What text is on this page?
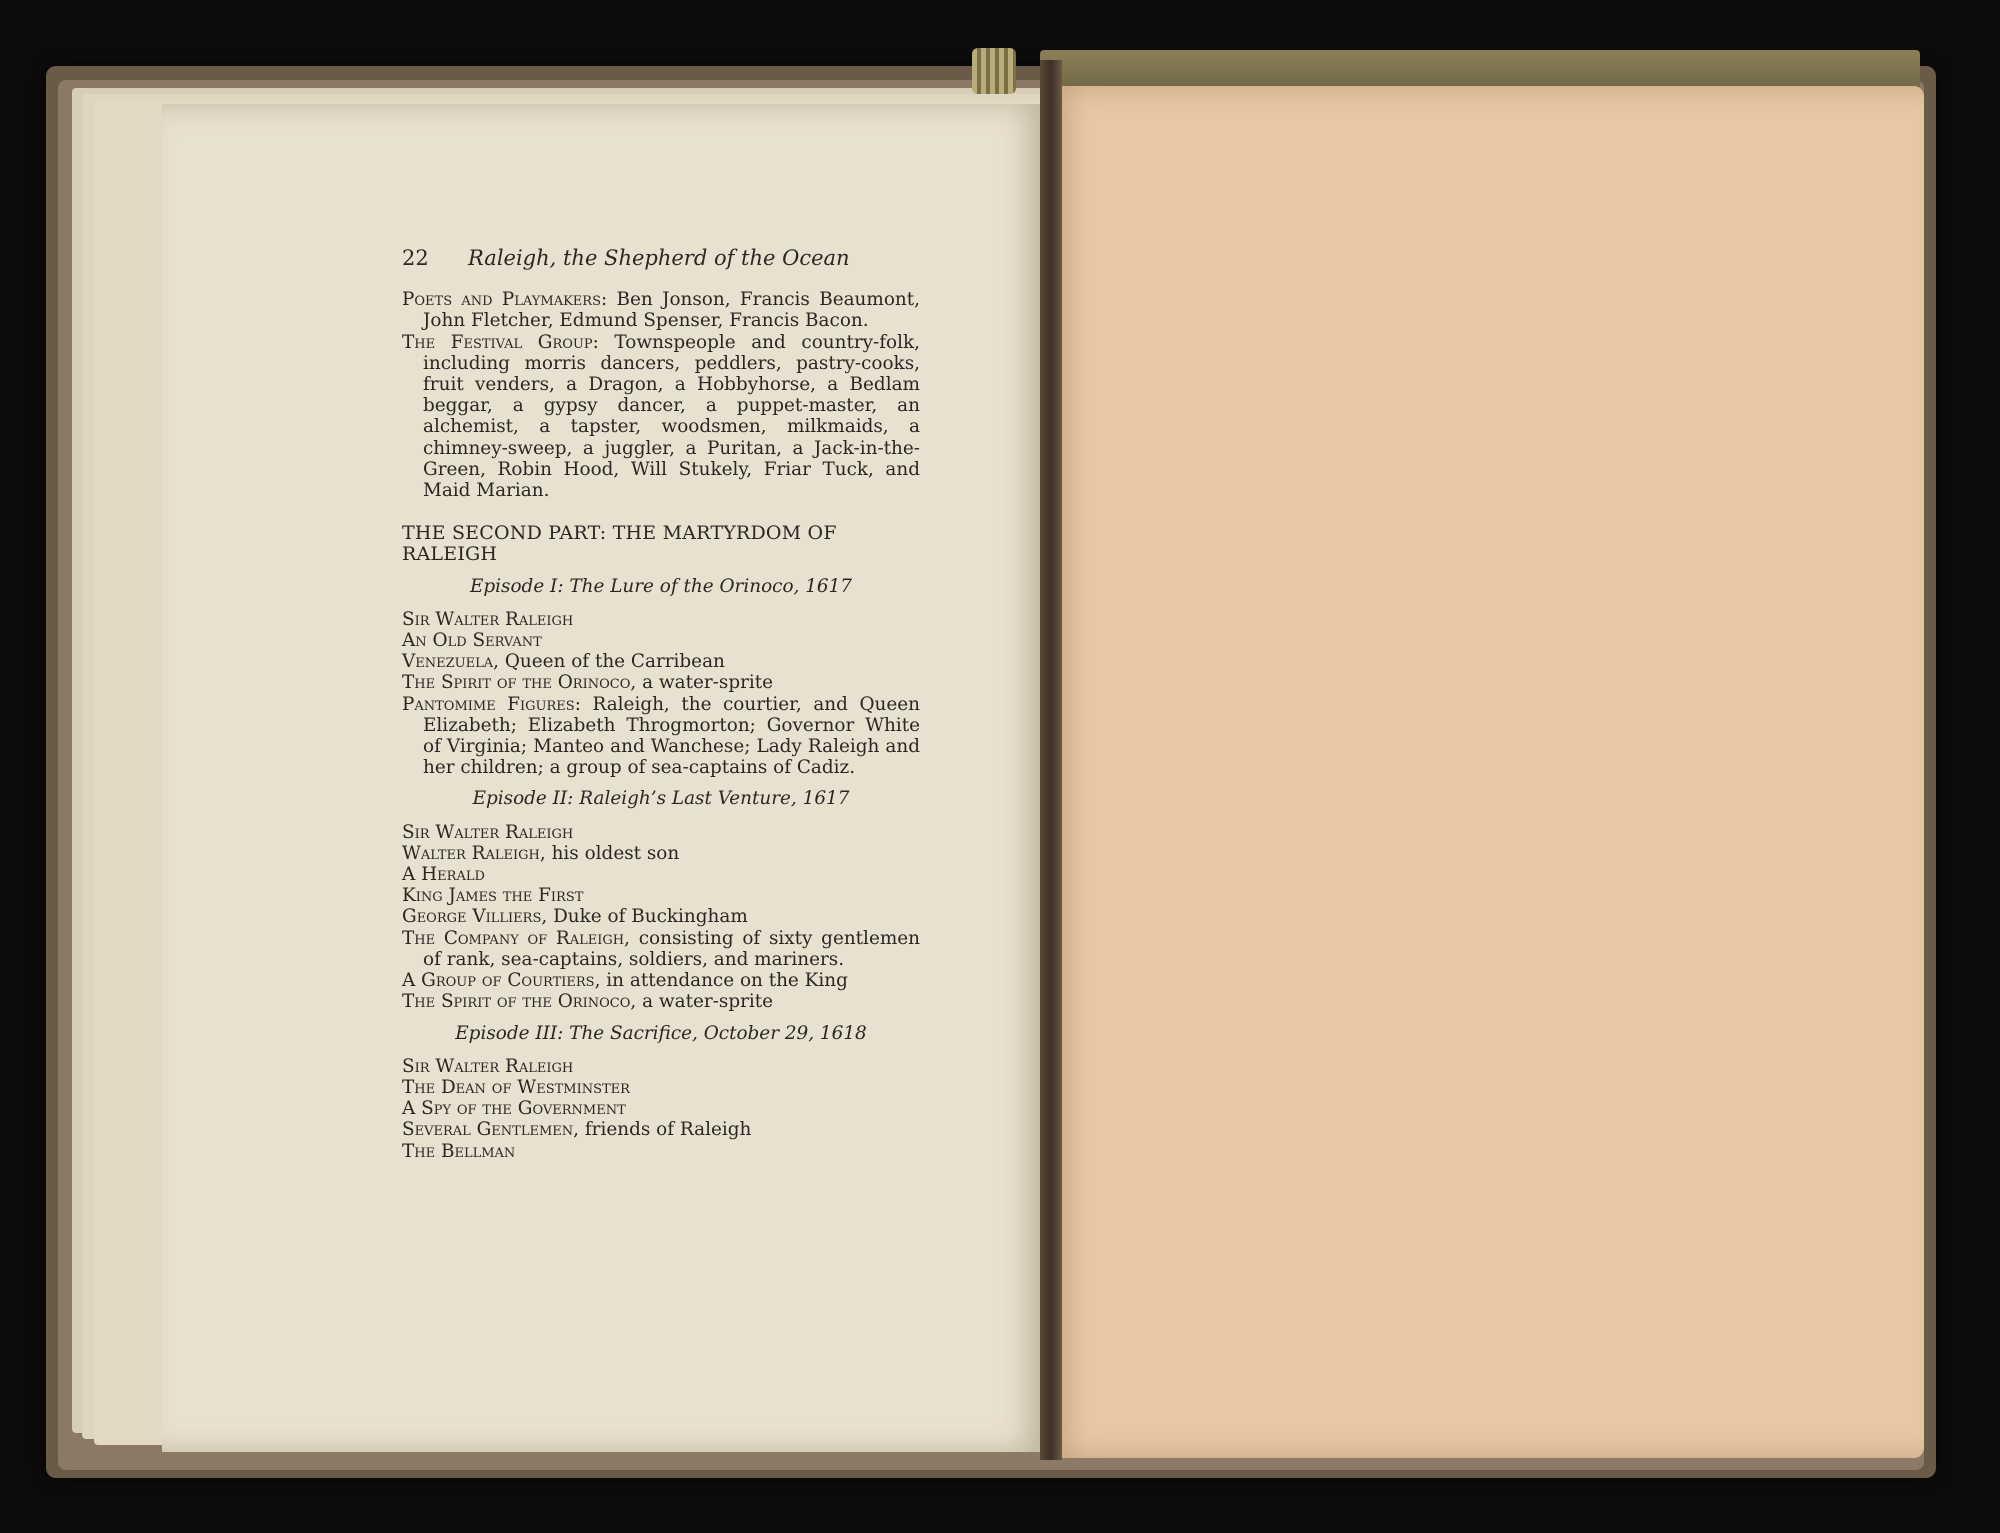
22	Raleigh, the Shepherd of the Ocean

Poets and Playmakers: Ben Jonson, Francis Beaumont, John Fletcher, Edmund Spenser, Francis Bacon.

The Festival Group: Townspeople and country-folk, including morris dancers, peddlers, pastry-cooks, fruit venders, a Dragon, a Hobbyhorse, a Bedlam beggar, a gypsy dancer, a puppet-master, an alchemist, a tapster, woodsmen, milkmaids, a chimney-sweep, a juggler, a Puritan, a Jack-in-the-Green, Robin Hood, Will Stukely, Friar Tuck, and Maid Marian.

THE SECOND PART: THE MARTYRDOM OF RALEIGH
Episode I: The Lure of the Orinoco, 1617

Sir Walter Raleigh

An Old Servant

Venezuela, Queen of the Carribean

The Spirit of the Orinoco, a water-sprite

Pantomime Figures: Raleigh, the courtier, and Queen Elizabeth; Elizabeth Throgmorton; Governor White of Virginia; Manteo and Wanchese; Lady Raleigh and her children; a group of sea-captains of Cadiz.

Episode II: Raleigh’s Last Venture, 1617

Sir Walter Raleigh

Walter Raleigh, his oldest son

A Herald

King James the First

George Villiers, Duke of Buckingham

The Company of Raleigh, consisting of sixty gentlemen of rank, sea-captains, soldiers, and mariners.

A Group of Courtiers, in attendance on the King

The Spirit of the Orinoco, a water-sprite

Episode III: The Sacrifice, October 29, 1618

Sir Walter Raleigh

The Dean of Westminster

A Spy of the Government

Several Gentlemen, friends of Raleigh

The Bellman
